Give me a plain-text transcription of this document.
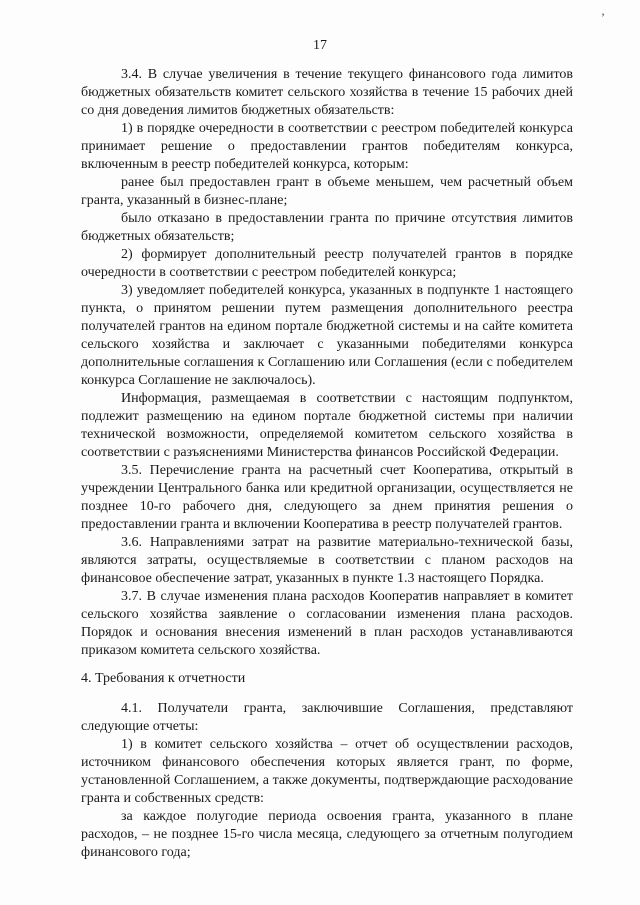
’
17

3.4. В случае увеличения в течение текущего финансового года лимитов бюджетных обязательств комитет сельского хозяйства в течение 15 рабочих дней со дня доведения лимитов бюджетных обязательств:

1) в порядке очередности в соответствии с реестром победителей конкурса принимает решение о предоставлении грантов победителям конкурса, включенным в реестр победителей конкурса, которым:

ранее был предоставлен грант в объеме меньшем, чем расчетный объем гранта, указанный в бизнес-плане;

было отказано в предоставлении гранта по причине отсутствия лимитов бюджетных обязательств;

2) формирует дополнительный реестр получателей грантов в порядке очередности в соответствии с реестром победителей конкурса;

3) уведомляет победителей конкурса, указанных в подпункте 1 настоящего пункта, о принятом решении путем размещения дополнительного реестра получателей грантов на едином портале бюджетной системы и на сайте комитета сельского хозяйства и заключает с указанными победителями конкурса дополнительные соглашения к Соглашению или Соглашения (если с победителем конкурса Соглашение не заключалось).

Информация, размещаемая в соответствии с настоящим подпунктом, подлежит размещению на едином портале бюджетной системы при наличии технической возможности, определяемой комитетом сельского хозяйства в соответствии с разъяснениями Министерства финансов Российской Федерации.

3.5. Перечисление гранта на расчетный счет Кооператива, открытый в учреждении Центрального банка или кредитной организации, осуществляется не позднее 10-го рабочего дня, следующего за днем принятия решения о предоставлении гранта и включении Кооператива в реестр получателей грантов.

3.6. Направлениями затрат на развитие материально-технической базы, являются затраты, осуществляемые в соответствии с планом расходов на финансовое обеспечение затрат, указанных в пункте 1.3 настоящего Порядка.

3.7. В случае изменения плана расходов Кооператив направляет в комитет сельского хозяйства заявление о согласовании изменения плана расходов. Порядок и основания внесения изменений в план расходов устанавливаются приказом комитета сельского хозяйства.

4. Требования к отчетности

4.1. Получатели гранта, заключившие Соглашения, представляют следующие отчеты:

1) в комитет сельского хозяйства – отчет об осуществлении расходов, источником финансового обеспечения которых является грант, по форме, установленной Соглашением, а также документы, подтверждающие расходование гранта и собственных средств:

за каждое полугодие периода освоения гранта, указанного в плане расходов, – не позднее 15-го числа месяца, следующего за отчетным полугодием финансового года;
